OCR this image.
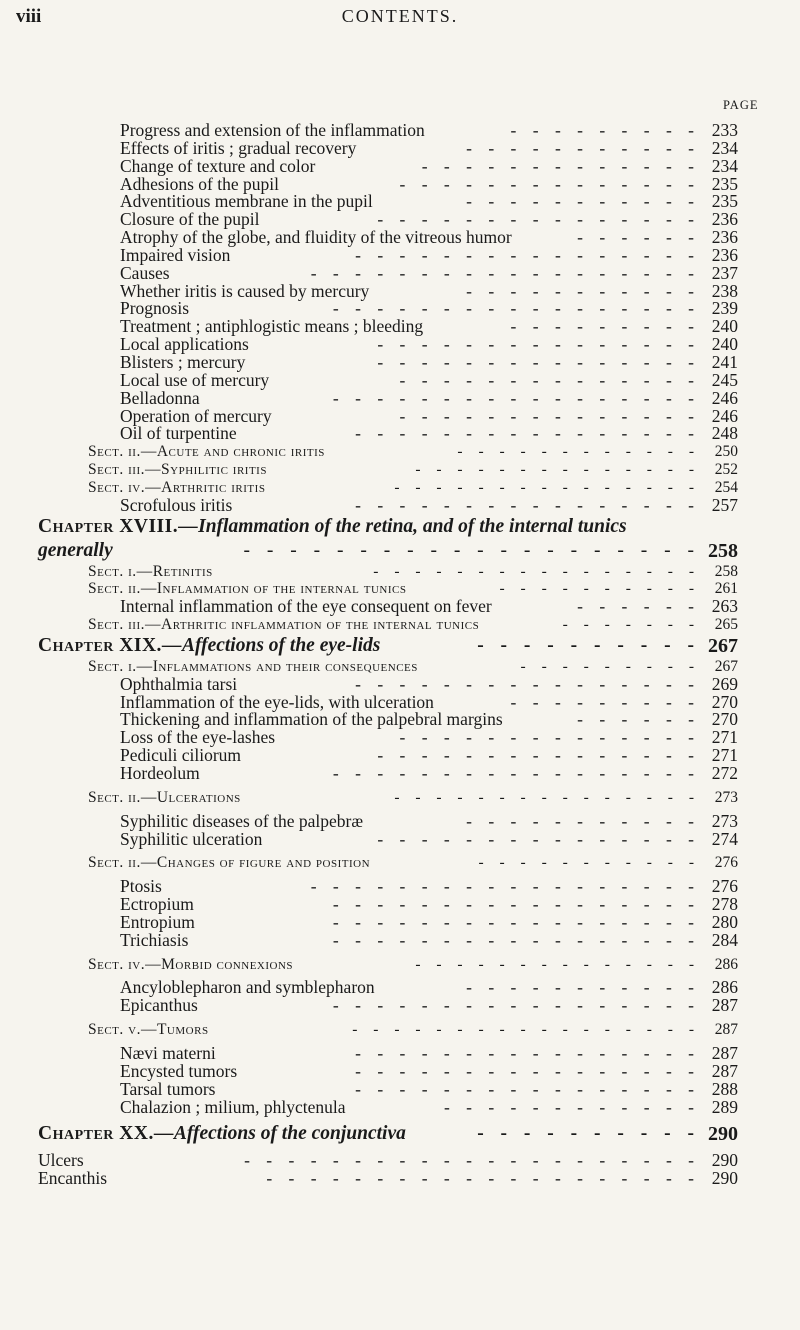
viii	CONTENTS.
PAGE
Progress and extension of the inflammation	- - - - - - - - - 233
Effects of iritis ; gradual recovery	- - - - - - - - - - - 234
Change of texture and color	- - - - - - - - - - - - - 234
Adhesions of the pupil	- - - - - - - - - - - - - - 235
Adventitious membrane in the pupil	- - - - - - - - - - - 235
Closure of the pupil	- - - - - - - - - - - - - - - 236
Atrophy of the globe, and fluidity of the vitreous humor	- - - - - - 236
Impaired vision	- - - - - - - - - - - - - - - - 236
Causes	- - - - - - - - - - - - - - - - - - 237
Whether iritis is caused by mercury	- - - - - - - - - - - 238
Prognosis	- - - - - - - - - - - - - - - - - 239
Treatment ; antiphlogistic means ; bleeding	- - - - - - - - - 240
Local applications	- - - - - - - - - - - - - - - 240
Blisters ; mercury	- - - - - - - - - - - - - - - 241
Local use of mercury	- - - - - - - - - - - - - - 245
Belladonna	- - - - - - - - - - - - - - - - - 246
Operation of mercury	- - - - - - - - - - - - - - 246
Oil of turpentine	- - - - - - - - - - - - - - - - 248
Sect. ii.—Acute and chronic iritis	- - - - - - - - - - - - 250
Sect. iii.—Syphilitic iritis	- - - - - - - - - - - - - - 252
Sect. iv.—Arthritic iritis	- - - - - - - - - - - - - - - 254
Scrofulous iritis	- - - - - - - - - - - - - - - - 257
Chapter XVIII.—Inflammation of the retina, and of the internal tunics
generally	- - - - - - - - - - - - - - - - - - - - 258
Sect. i.—Retinitis	- - - - - - - - - - - - - - - - 258
Sect. ii.—Inflammation of the internal tunics	- - - - - - - - - - 261
Internal inflammation of the eye consequent on fever	- - - - - - 263
Sect. iii.—Arthritic inflammation of the internal tunics	- - - - - - - 265
Chapter XIX.—Affections of the eye-lids	- - - - - - - - - - 267
Sect. i.—Inflammations and their consequences	- - - - - - - - - 267
Ophthalmia tarsi	- - - - - - - - - - - - - - - - 269
Inflammation of the eye-lids, with ulceration	- - - - - - - - - 270
Thickening and inflammation of the palpebral margins	- - - - - - 270
Loss of the eye-lashes	- - - - - - - - - - - - - - 271
Pediculi ciliorum	- - - - - - - - - - - - - - - 271
Hordeolum	- - - - - - - - - - - - - - - - - 272
Sect. ii.—Ulcerations	- - - - - - - - - - - - - - - 273
Syphilitic diseases of the palpebræ	- - - - - - - - - - - 273
Syphilitic ulceration	- - - - - - - - - - - - - - - 274
Sect. ii.—Changes of figure and position	- - - - - - - - - - - 276
Ptosis	- - - - - - - - - - - - - - - - - - 276
Ectropium	- - - - - - - - - - - - - - - - - 278
Entropium	- - - - - - - - - - - - - - - - - 280
Trichiasis	- - - - - - - - - - - - - - - - - 284
Sect. iv.—Morbid connexions	- - - - - - - - - - - - - - 286
Ancyloblepharon and symblepharon	- - - - - - - - - - - 286
Epicanthus	- - - - - - - - - - - - - - - - - 287
Sect. v.—Tumors	- - - - - - - - - - - - - - - - - 287
Nævi materni	- - - - - - - - - - - - - - - - 287
Encysted tumors	- - - - - - - - - - - - - - - - 287
Tarsal tumors	- - - - - - - - - - - - - - - - 288
Chalazion ; milium, phlyctenula	- - - - - - - - - - - - 289
Chapter XX.—Affections of the conjunctiva	- - - - - - - - - - 290
Ulcers	- - - - - - - - - - - - - - - - - - - - - 290
Encanthis	- - - - - - - - - - - - - - - - - - - - 290
